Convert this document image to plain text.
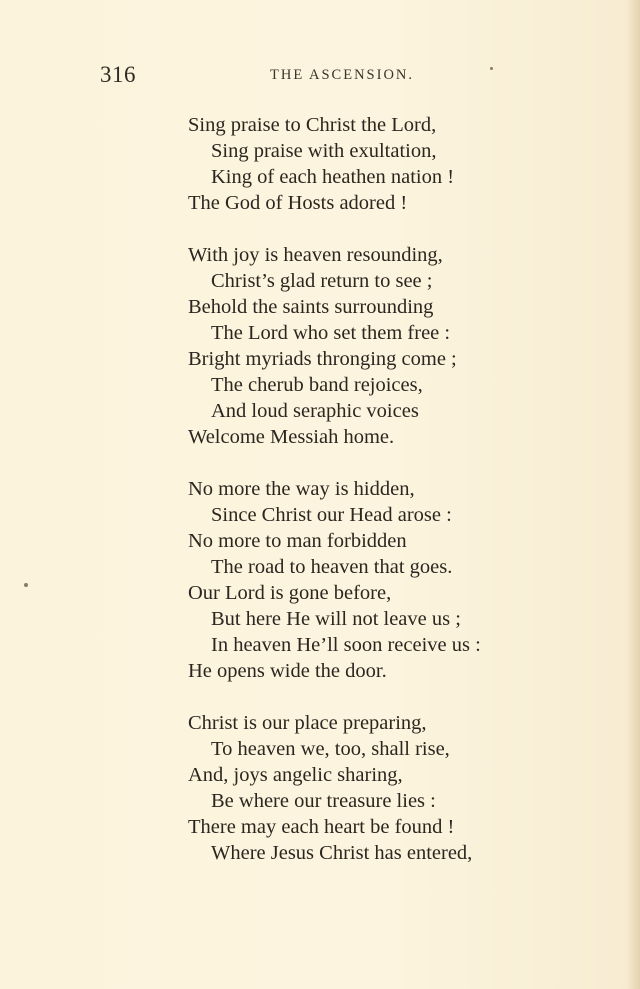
316	THE ASCENSION.
Sing praise to Christ the Lord,
Sing praise with exultation,
King of each heathen nation !
The God of Hosts adored !
With joy is heaven resounding,
Christ’s glad return to see ;
Behold the saints surrounding
The Lord who set them free :
Bright myriads thronging come ;
The cherub band rejoices,
And loud seraphic voices
Welcome Messiah home.
No more the way is hidden,
Since Christ our Head arose :
No more to man forbidden
The road to heaven that goes.
Our Lord is gone before,
But here He will not leave us ;
In heaven He’ll soon receive us :
He opens wide the door.
Christ is our place preparing,
To heaven we, too, shall rise,
And, joys angelic sharing,
Be where our treasure lies :
There may each heart be found !
Where Jesus Christ has entered,
